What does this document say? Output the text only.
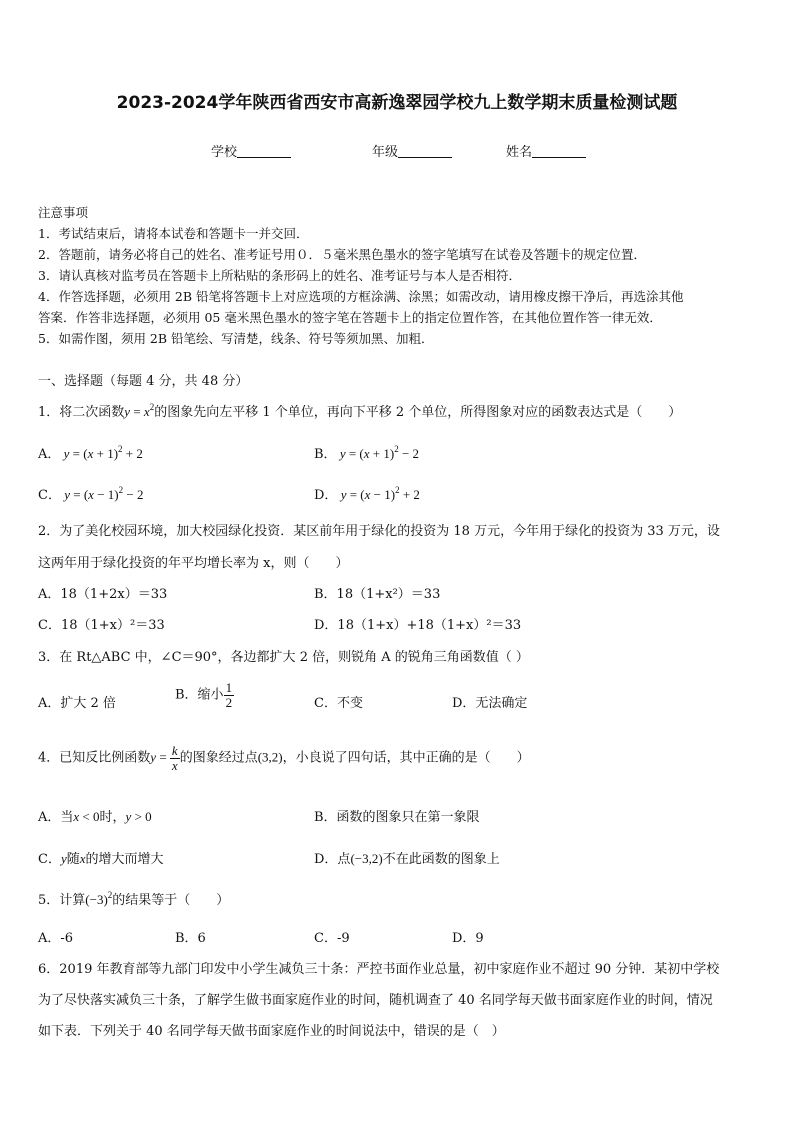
2023-2024学年陕西省西安市高新逸翠园学校九上数学期末质量检测试题
学校	年级	姓名
注意事项
1．考试结束后，请将本试卷和答题卡一并交回．
2．答题前，请务必将自己的姓名、准考证号用０．５毫米黑色墨水的签字笔填写在试卷及答题卡的规定位置．
3．请认真核对监考员在答题卡上所粘贴的条形码上的姓名、准考证号与本人是否相符．
4．作答选择题，必须用 2B 铅笔将答题卡上对应选项的方框涂满、涂黑；如需改动，请用橡皮擦干净后，再选涂其他
答案．作答非选择题，必须用 05 毫米黑色墨水的签字笔在答题卡上的指定位置作答，在其他位置作答一律无效．
5．如需作图，须用 2B 铅笔绘、写清楚，线条、符号等须加黑、加粗．
一、选择题（每题 4 分，共 48 分）
1．将二次函数$y = x^2$的图象先向左平移 1 个单位，再向下平移 2 个单位，所得图象对应的函数表达式是（　　）
A． $y = (x + 1)^2 + 2$	B． $y = (x + 1)^2 - 2$
C． $y = (x - 1)^2 - 2$	D． $y = (x - 1)^2 + 2$
2．为了美化校园环境，加大校园绿化投资．某区前年用于绿化的投资为 18 万元，今年用于绿化的投资为 33 万元，设
这两年用于绿化投资的年平均增长率为 x，则（　　）
A．18（1+2x）＝33	B．18（1+x²）＝33
C．18（1+x）²＝33	D．18（1+x）+18（1+x）²＝33
3．在 Rt△ABC 中，∠C＝90°，各边都扩大 2 倍，则锐角 A 的锐角三角函数值（ ）
A．扩大 2 倍
B．缩小 $\frac{1}{2}$	C．不变	D．无法确定
4．已知反比例函数$y = \frac{k}{x}$ 的图象经过点(3,2)，小良说了四句话，其中正确的是（　　）
A．当x < 0时，y > 0	B．函数的图象只在第一象限
C．y随x的增大而增大	D．点(−3,2)不在此函数的图象上
5．计算$(-3)^2$的结果等于（　　）
A．-6	B．6	C．-9	D．9
6．2019 年教育部等九部门印发中小学生减负三十条：严控书面作业总量，初中家庭作业不超过 90 分钟．某初中学校
为了尽快落实减负三十条，了解学生做书面家庭作业的时间，随机调查了 40 名同学每天做书面家庭作业的时间，情况
如下表．下列关于 40 名同学每天做书面家庭作业的时间说法中，错误的是（　）
